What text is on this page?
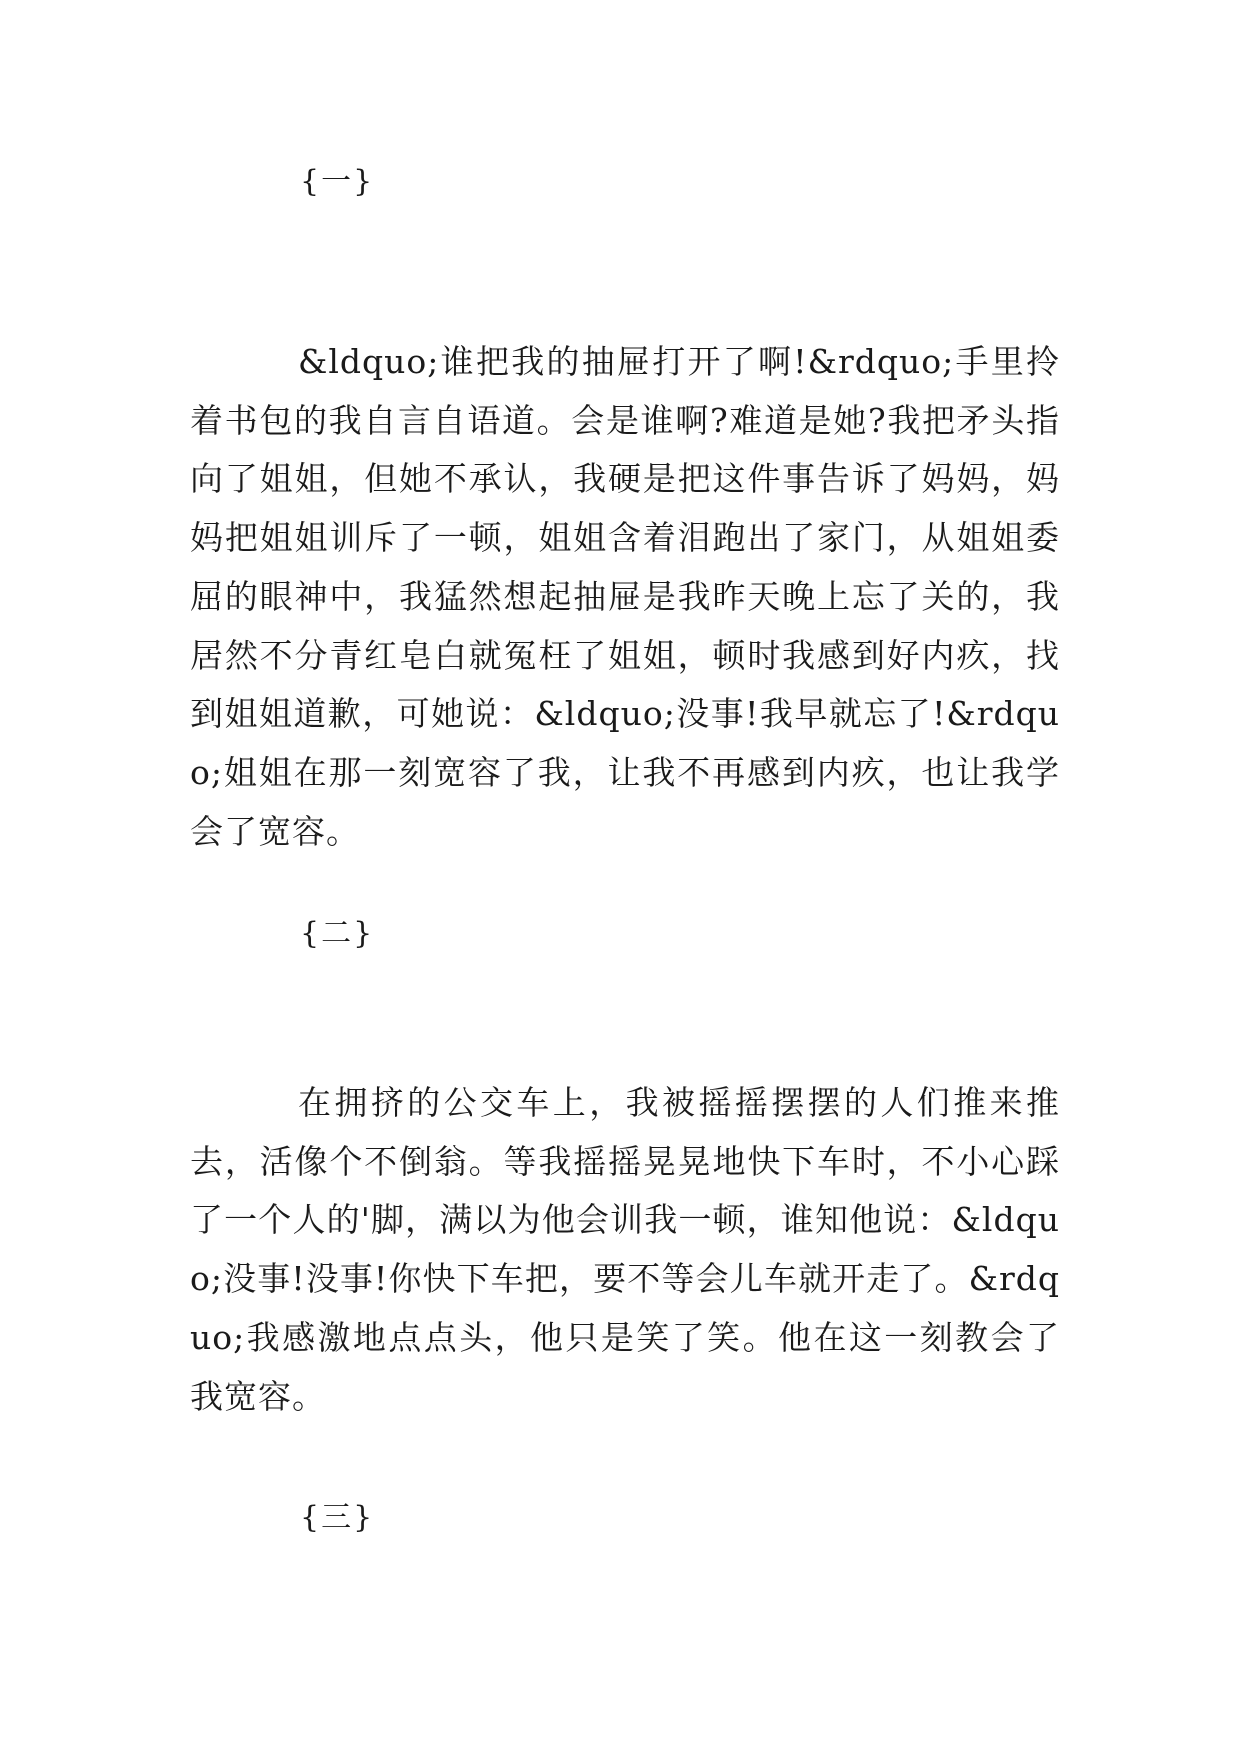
{一}

&ldquo;谁把我的抽屉打开了啊!&rdquo;手里拎着书包的我自言自语道。会是谁啊?难道是她?我把矛头指向了姐姐，但她不承认，我硬是把这件事告诉了妈妈，妈妈把姐姐训斥了一顿，姐姐含着泪跑出了家门，从姐姐委屈的眼神中，我猛然想起抽屉是我昨天晚上忘了关的，我居然不分青红皂白就冤枉了姐姐，顿时我感到好内疚，找到姐姐道歉，可她说：&ldquo;没事!我早就忘了!&rdquo;姐姐在那一刻宽容了我，让我不再感到内疚，也让我学会了宽容。

{二}

在拥挤的公交车上，我被摇摇摆摆的人们推来推去，活像个不倒翁。等我摇摇晃晃地快下车时，不小心踩了一个人的'脚，满以为他会训我一顿，谁知他说：&ldquo;没事!没事!你快下车把，要不等会儿车就开走了。&rdquo;我感激地点点头，他只是笑了笑。他在这一刻教会了我宽容。

{三}
